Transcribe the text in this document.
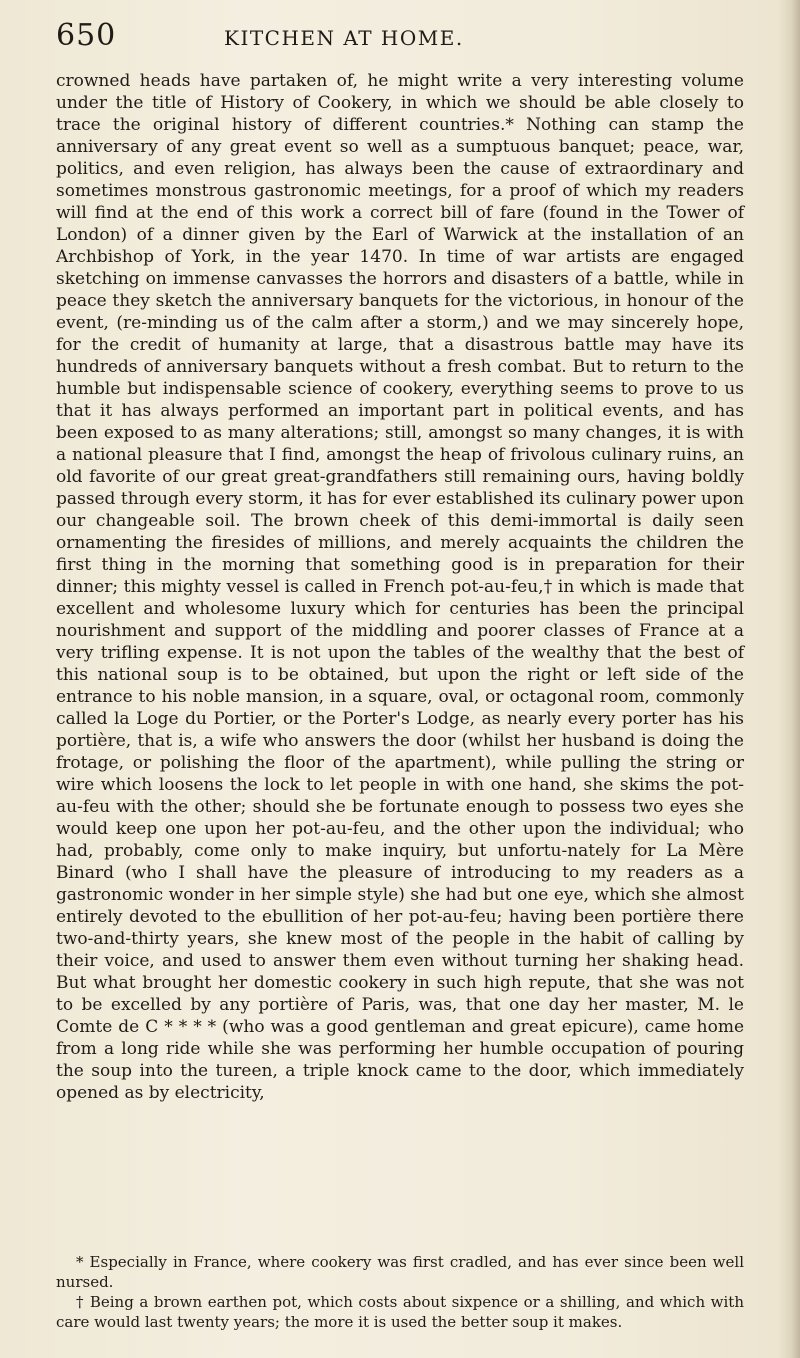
650	KITCHEN AT HOME.

crowned heads have partaken of, he might write a very interesting volume under the title of History of Cookery, in which we should be able closely to trace the original history of different countries.* Nothing can stamp the anniversary of any great event so well as a sumptuous banquet; peace, war, politics, and even religion, has always been the cause of extraordinary and sometimes monstrous gastronomic meetings, for a proof of which my readers will find at the end of this work a correct bill of fare (found in the Tower of London) of a dinner given by the Earl of Warwick at the installation of an Archbishop of York, in the year 1470. In time of war artists are engaged sketching on immense canvasses the horrors and disasters of a battle, while in peace they sketch the anniversary banquets for the victorious, in honour of the event, (re-minding us of the calm after a storm,) and we may sincerely hope, for the credit of humanity at large, that a disastrous battle may have its hundreds of anniversary banquets without a fresh combat. But to return to the humble but indispensable science of cookery, everything seems to prove to us that it has always performed an important part in political events, and has been exposed to as many alterations; still, amongst so many changes, it is with a national pleasure that I find, amongst the heap of frivolous culinary ruins, an old favorite of our great great-grandfathers still remaining ours, having boldly passed through every storm, it has for ever established its culinary power upon our changeable soil. The brown cheek of this demi-immortal is daily seen ornamenting the firesides of millions, and merely acquaints the children the first thing in the morning that something good is in preparation for their dinner; this mighty vessel is called in French pot-au-feu,† in which is made that excellent and wholesome luxury which for centuries has been the principal nourishment and support of the middling and poorer classes of France at a very trifling expense. It is not upon the tables of the wealthy that the best of this national soup is to be obtained, but upon the right or left side of the entrance to his noble mansion, in a square, oval, or octagonal room, commonly called la Loge du Portier, or the Porter's Lodge, as nearly every porter has his portière, that is, a wife who answers the door (whilst her husband is doing the frotage, or polishing the floor of the apartment), while pulling the string or wire which loosens the lock to let people in with one hand, she skims the pot-au-feu with the other; should she be fortunate enough to possess two eyes she would keep one upon her pot-au-feu, and the other upon the individual; who had, probably, come only to make inquiry, but unfortu-nately for La Mère Binard (who I shall have the pleasure of introducing to my readers as a gastronomic wonder in her simple style) she had but one eye, which she almost entirely devoted to the ebullition of her pot-au-feu; having been portière there two-and-thirty years, she knew most of the people in the habit of calling by their voice, and used to answer them even without turning her shaking head. But what brought her domestic cookery in such high repute, that she was not to be excelled by any portière of Paris, was, that one day her master, M. le Comte de C * * * * (who was a good gentleman and great epicure), came home from a long ride while she was performing her humble occupation of pouring the soup into the tureen, a triple knock came to the door, which immediately opened as by electricity,

* Especially in France, where cookery was first cradled, and has ever since been well nursed.

† Being a brown earthen pot, which costs about sixpence or a shilling, and which with care would last twenty years; the more it is used the better soup it makes.
